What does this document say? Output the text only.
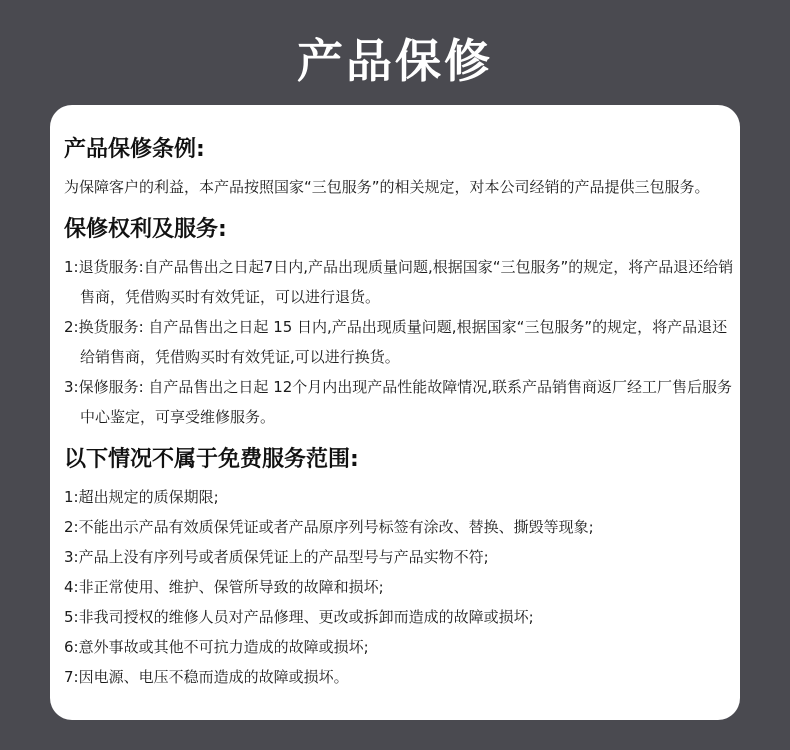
产品保修
产品保修条例:

为保障客户的利益，本产品按照国家“三包服务”的相关规定，对本公司经销的产品提供三包服务。

保修权利及服务:

1:退货服务:自产品售出之日起7日内,产品出现质量问题,根据国家“三包服务”的规定，将产品退还给销售商，凭借购买时有效凭证，可以进行退货。

2:换货服务: 自产品售出之日起 15 日内,产品出现质量问题,根据国家“三包服务”的规定，将产品退还给销售商，凭借购买时有效凭证,可以进行换货。

3:保修服务: 自产品售出之日起 12个月内出现产品性能故障情况,联系产品销售商返厂经工厂售后服务中心鉴定，可享受维修服务。

以下情况不属于免费服务范围:

1:超出规定的质保期限;

2:不能出示产品有效质保凭证或者产品原序列号标签有涂改、替换、撕毁等现象;

3:产品上没有序列号或者质保凭证上的产品型号与产品实物不符;

4:非正常使用、维护、保管所导致的故障和损坏;

5:非我司授权的维修人员对产品修理、更改或拆卸而造成的故障或损坏;

6:意外事故或其他不可抗力造成的故障或损坏;

7:因电源、电压不稳而造成的故障或损坏。
